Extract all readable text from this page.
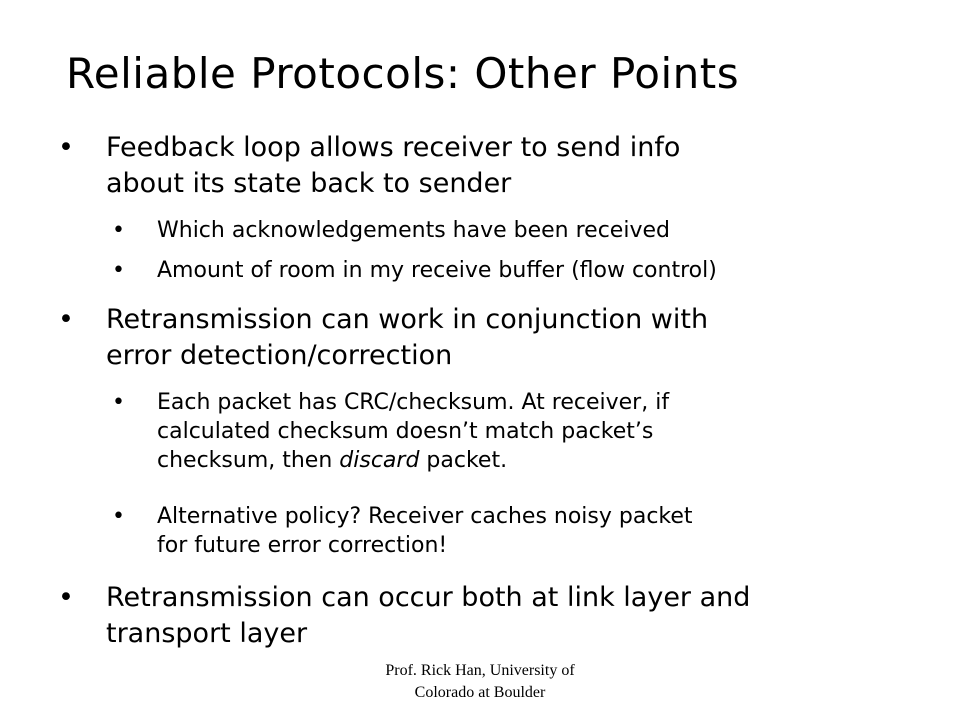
Reliable Protocols: Other Points
• Feedback loop allows receiver to send info
about its state back to sender
• Which acknowledgements have been received
• Amount of room in my receive buffer (flow control)
• Retransmission can work in conjunction with
error detection/correction
• Each packet has CRC/checksum. At receiver, if
calculated checksum doesn’t match packet’s
checksum, then discard packet.
• Alternative policy? Receiver caches noisy packet
for future error correction!
• Retransmission can occur both at link layer and
transport layer
Prof. Rick Han, University of
Colorado at Boulder
